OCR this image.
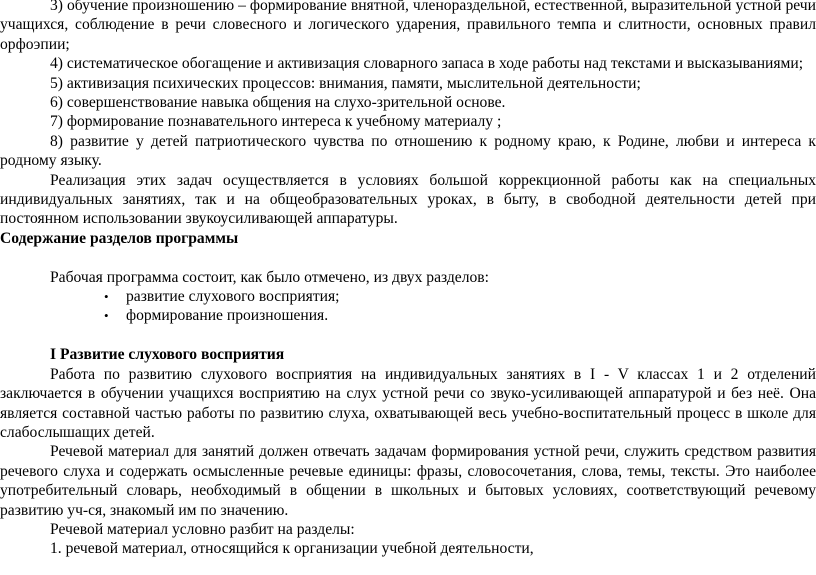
3) обучение произношению – формирование внятной, членораздельной, естественной, выразительной устной речи учащихся, соблюдение в речи словесного и логического ударения, правильного темпа и слитности, основных правил орфоэпии;

4) систематическое обогащение и активизация словарного запаса в ходе работы над текстами и высказываниями;

5) активизация психических процессов: внимания, памяти, мыслительной деятельности;

6) совершенствование навыка общения на слухо-зрительной основе.

7) формирование познавательного интереса к учебному материалу ;

8) развитие у детей патриотического чувства по отношению к родному краю, к Родине, любви и интереса к родному языку.

Реализация этих задач осуществляется в условиях большой коррекционной работы как на специальных индивидуальных занятиях, так и на общеобразовательных уроках, в быту, в свободной деятельности детей при постоянном использовании звукоусиливающей аппаратуры.

Содержание разделов программы

Рабочая программа состоит, как было отмечено, из двух разделов:

• развитие слухового восприятия;
• формирование произношения.

I Развитие слухового восприятия

Работа по развитию слухового восприятия на индивидуальных занятиях в I - V классах 1 и 2 отделений заключается в обучении учащихся восприятию на слух устной речи со звуко-усиливающей аппаратурой и без неё. Она является составной частью работы по развитию слуха, охватывающей весь учебно-воспитательный процесс в школе для слабослышащих детей.

Речевой материал для занятий должен отвечать задачам формирования устной речи, служить средством развития речевого слуха и содержать осмысленные речевые единицы: фразы, словосочетания, слова, темы, тексты. Это наиболее употребительный словарь, необходимый в общении в школьных и бытовых условиях, соответствующий речевому развитию уч-ся, знакомый им по значению.

Речевой материал условно разбит на разделы:

1. речевой материал, относящийся к организации учебной деятельности,
